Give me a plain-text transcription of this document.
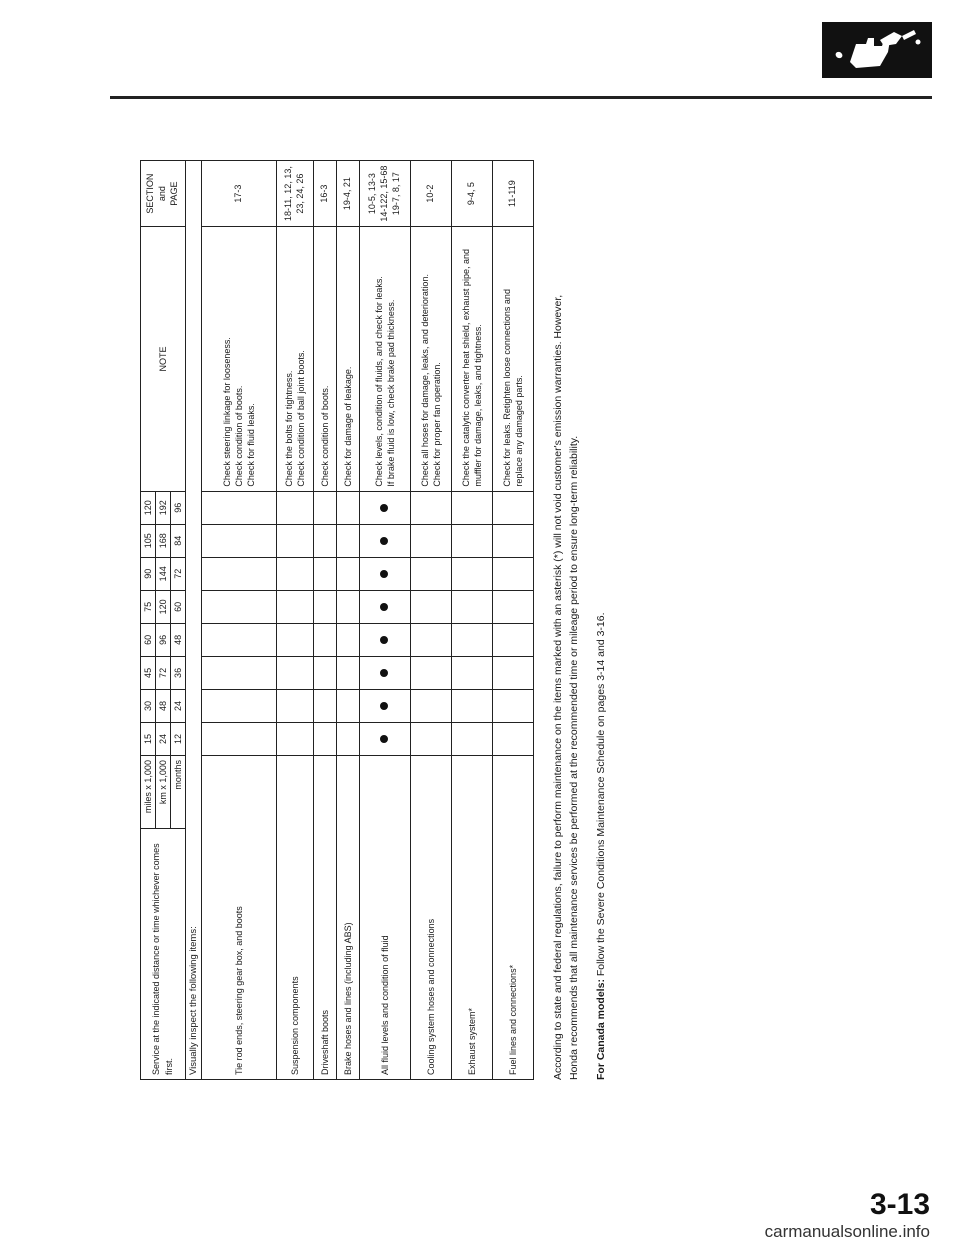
Service at the indicated distance or time whichever comes first.	miles x 1,000	15	30	45	60	75	90	105	120	NOTE	SECTION and PAGE

	km x 1,000	24	48	72	96	120	144	168	192		
	months	12	24	36	48	60	72	84	96		
Visually inspect the following items:											
Tie rod ends, steering gear box, and boots										Check steering linkage for looseness. Check condition of boots. Check for fluid leaks.	17-3

Suspension components										Check the bolts for tightness. Check condition of ball joint boots.	18-11, 12, 13, 23, 24, 26

Driveshaft boots										Check condition of boots.	16-3

Brake hoses and lines (including ABS)										Check for damage of leakage.	19-4, 21

All fluid levels and condition of fluid										Check levels, condition of fluids, and check for leaks. If brake fluid is low, check brake pad thickness.	10-5, 13-3 14-122, 15-68 19-7, 8, 17

Cooling system hoses and connections										Check all hoses for damage, leaks, and deterioration. Check for proper fan operation.	10-2

Exhaust system*										Check the catalytic converter heat shield, exhaust pipe, and muffler for damage, leaks, and tightness.	9-4, 5

Fuel lines and connections*										Check for leaks. Retighten loose connections and replace any damaged parts.	11-119

According to state and federal regulations, failure to perform maintenance on the items marked with an asterisk (*) will not void customer's emission warranties. However, Honda recommends that all maintenance services be performed at the recommended time or mileage period to ensure long-term reliability. For Canada models: Follow the Severe Conditions Maintenance Schedule on pages 3-14 and 3-16.

3-13
carmanualsonline.info
